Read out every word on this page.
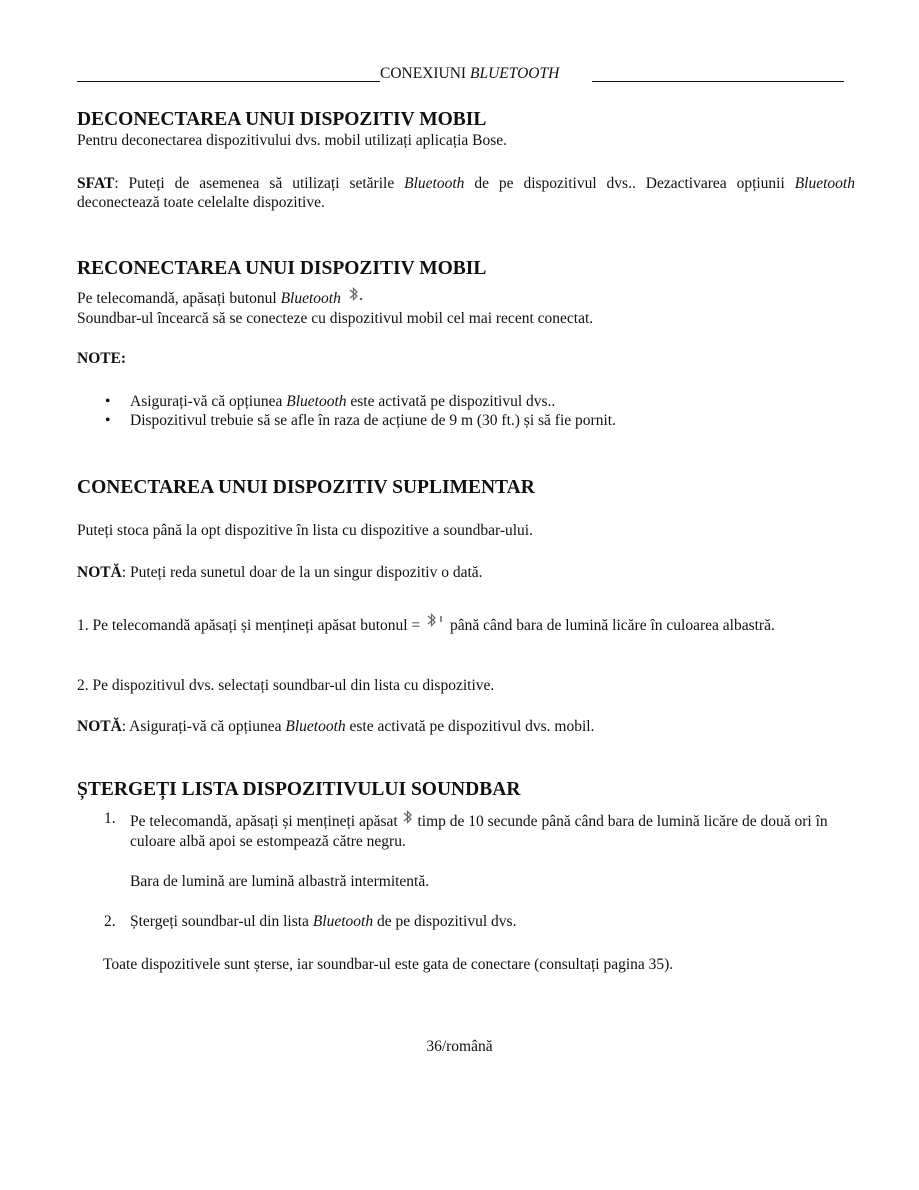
CONEXIUNI BLUETOOTH
DECONECTAREA UNUI DISPOZITIV MOBIL

Pentru deconectarea dispozitivului dvs. mobil utilizați aplicația Bose.

SFAT: Puteți de asemenea să utilizați setările Bluetooth de pe dispozitivul dvs.. Dezactivarea opțiunii Bluetooth deconectează toate celelalte dispozitive.

RECONECTAREA UNUI DISPOZITIV MOBIL

Pe telecomandă, apăsați butonul Bluetooth

Soundbar-ul încearcă să se conecteze cu dispozitivul mobil cel mai recent conectat.

NOTE:

• Asigurați-vă că opțiunea Bluetooth este activată pe dispozitivul dvs..
• Dispozitivul trebuie să se afle în raza de acțiune de 9 m (30 ft.) și să fie pornit.
CONECTAREA UNUI DISPOZITIV SUPLIMENTAR

Puteți stoca până la opt dispozitive în lista cu dispozitive a soundbar-ului.

NOTĂ: Puteți reda sunetul doar de la un singur dispozitiv o dată.

1. Pe telecomandă apăsați și mențineți apăsat butonul =  până când bara de lumină licăre în culoarea albastră.

2. Pe dispozitivul dvs. selectați soundbar-ul din lista cu dispozitive.

NOTĂ: Asigurați-vă că opțiunea Bluetooth este activată pe dispozitivul dvs. mobil.

ȘTERGEȚI LISTA DISPOZITIVULUI SOUNDBAR
1. Pe telecomandă, apăsați și mențineți apăsat  timp de 10 secunde până când bara de lumină licăre de două ori în culoare albă apoi se estompează către negru.

Bara de lumină are lumină albastră intermitentă.

2. Ștergeți soundbar-ul din lista Bluetooth de pe dispozitivul dvs.

Toate dispozitivele sunt șterse, iar soundbar-ul este gata de conectare (consultați pagina 35).

36/română
